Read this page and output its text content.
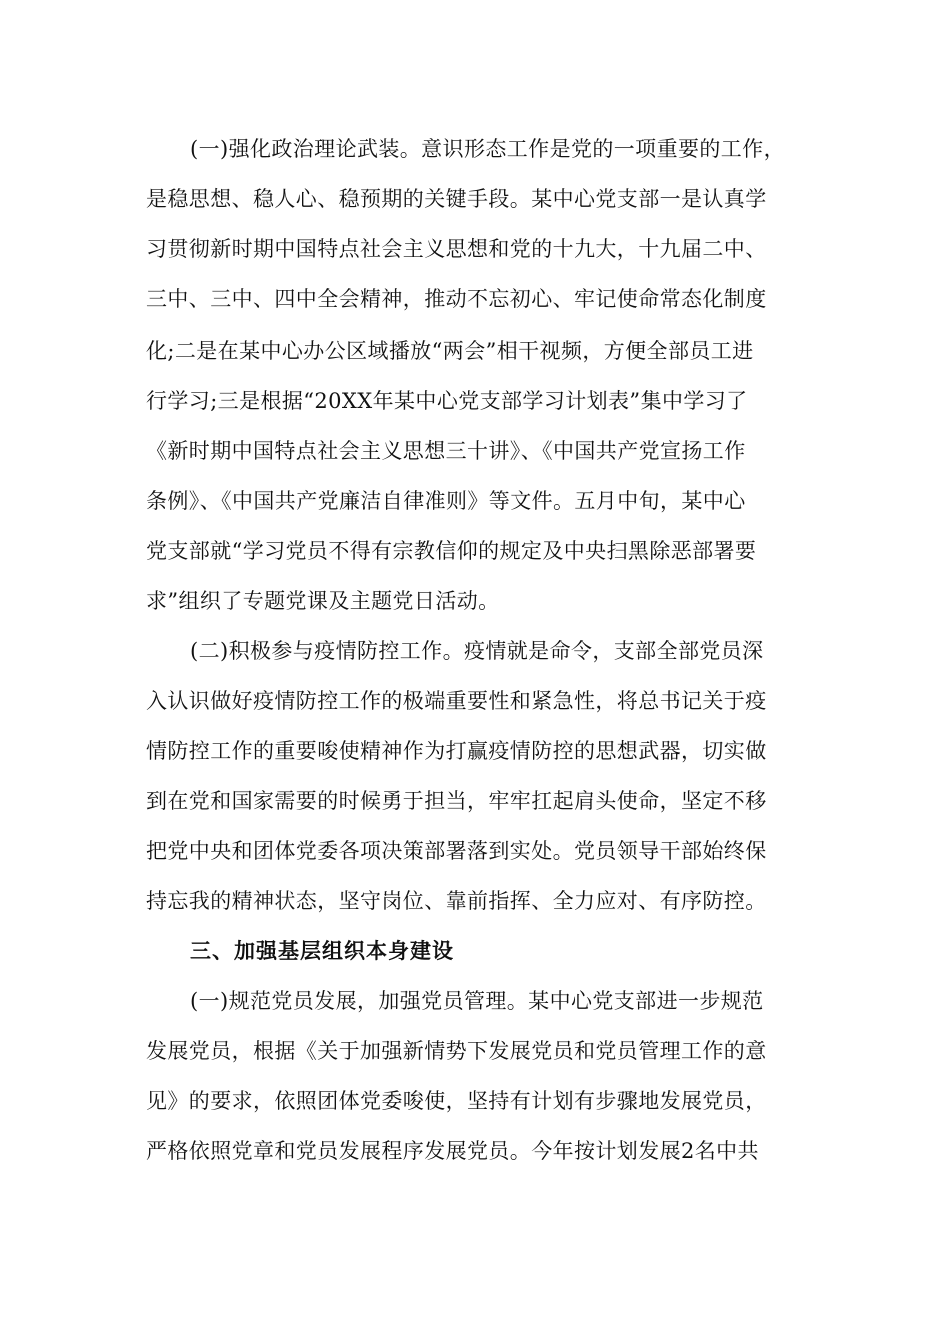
(一)强化政治理论武装。意识形态工作是党的一项重要的工作，
是稳思想、稳人心、稳预期的关键手段。某中心党支部一是认真学
习贯彻新时期中国特点社会主义思想和党的十九大，十九届二中、
三中、三中、四中全会精神，推动不忘初心、牢记使命常态化制度
化;二是在某中心办公区域播放“两会”相干视频，方便全部员工进
行学习;三是根据“20XX年某中心党支部学习计划表”集中学习了
《新时期中国特点社会主义思想三十讲》、《中国共产党宣扬工作
条例》、《中国共产党廉洁自律准则》等文件。五月中旬，某中心
党支部就“学习党员不得有宗教信仰的规定及中央扫黑除恶部署要
求”组织了专题党课及主题党日活动。
(二)积极参与疫情防控工作。疫情就是命令，支部全部党员深
入认识做好疫情防控工作的极端重要性和紧急性，将总书记关于疫
情防控工作的重要唆使精神作为打赢疫情防控的思想武器，切实做
到在党和国家需要的时候勇于担当，牢牢扛起肩头使命，坚定不移
把党中央和团体党委各项决策部署落到实处。党员领导干部始终保
持忘我的精神状态，坚守岗位、靠前指挥、全力应对、有序防控。
三、加强基层组织本身建设
(一)规范党员发展，加强党员管理。某中心党支部进一步规范
发展党员，根据《关于加强新情势下发展党员和党员管理工作的意
见》的要求，依照团体党委唆使，坚持有计划有步骤地发展党员，
严格依照党章和党员发展程序发展党员。今年按计划发展2名中共
